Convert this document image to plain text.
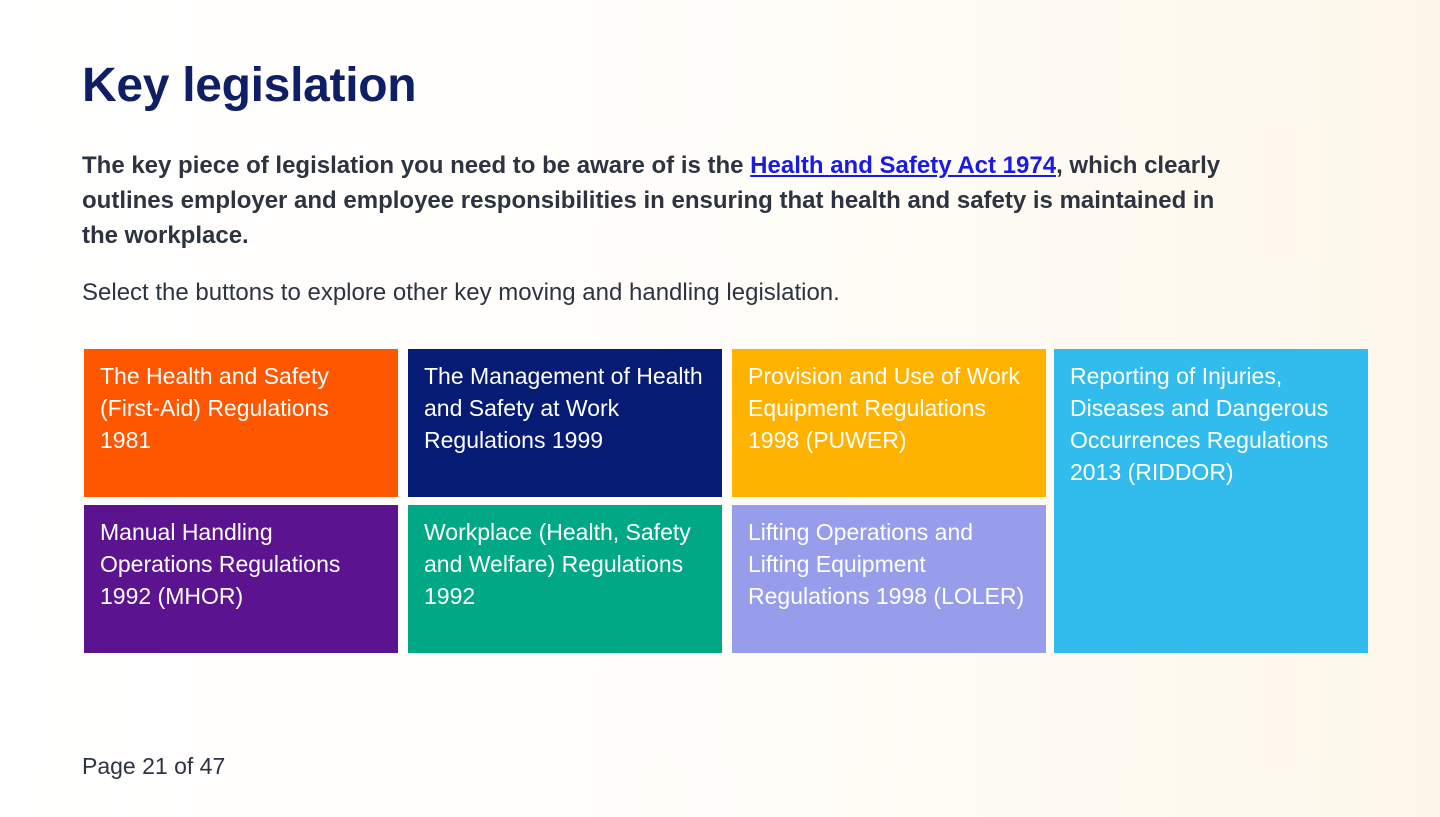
Key legislation

The key piece of legislation you need to be aware of is the Health and Safety Act 1974, which clearly outlines employer and employee responsibilities in ensuring that health and safety is maintained in the workplace.

Select the buttons to explore other key moving and handling legislation.

The Health and Safety (First-Aid) Regulations 1981
The Management of Health and Safety at Work Regulations 1999
Provision and Use of Work Equipment Regulations 1998 (PUWER)
Reporting of Injuries, Diseases and Dangerous Occurrences Regulations 2013 (RIDDOR)
Manual Handling Operations Regulations 1992 (MHOR)
Workplace (Health, Safety and Welfare) Regulations 1992
Lifting Operations and Lifting Equipment Regulations 1998 (LOLER)

Page 21 of 47
